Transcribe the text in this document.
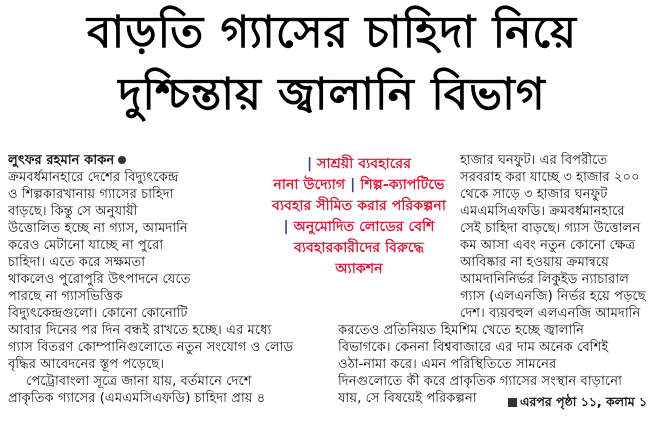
বাড়তি গ্যাসের চাহিদা নিয়ে
দুশ্চিন্তায় জ্বালানি বিভাগ
লুৎফর রহমান কাকন
ক্রমবর্ধমানহারে দেশের বিদ্যুৎকেন্দ্র
ও শিল্পকারখানায় গ্যাসের চাহিদা
বাড়ছে। কিন্তু সে অনুযায়ী
উত্তোলিত হচ্ছে না গ্যাস, আমদানি
করেও মেটানো যাচ্ছে না পুরো
চাহিদা। এতে করে সক্ষমতা
থাকলেও পুরোপুরি উৎপাদনে যেতে
পারছে না গ্যাসভিত্তিক
বিদ্যুৎকেন্দ্রগুলো। কোনো কোনোটি
আবার দিনের পর দিন বন্ধই রাখতে হচ্ছে। এর মধ্যে
গ্যাস বিতরণ কোম্পানিগুলোতে নতুন সংযোগ ও লোড
বৃদ্ধির আবেদনের স্তূপ পড়েছে।
পেট্রোবাংলা সূত্রে জানা যায়, বর্তমানে দেশে
প্রাকৃতিক গ্যাসের (এমএমসিএফডি) চাহিদা প্রায় ৪
| সাশ্রয়ী ব্যবহারের
নানা উদ্যোগ | শিল্প-ক্যাপটিভে
ব্যবহার সীমিত করার পরিকল্পনা
| অনুমোদিত লোডের বেশি
ব্যবহারকারীদের বিরুদ্ধে
অ্যাকশন
হাজার ঘনফুট। এর বিপরীতে
সরবরাহ করা যাচ্ছে ৩ হাজার ২০০
থেকে সাড়ে ৩ হাজার ঘনফুট
এমএমসিএফডি। ক্রমবর্ধমানহারে
সেই চাহিদা বাড়ছে। গ্যাস উত্তোলন
কম আসা এবং নতুন কোনো ক্ষেত্র
আবিষ্কার না হওয়ায় ক্রমান্বয়ে
আমদানিনির্ভর লিকুইড ন্যাচারাল
গ্যাস (এলএনজি) নির্ভর হয়ে পড়ছে
দেশ। ব্যয়বহুল এলএনজি আমদানি
করতেও প্রতিনিয়ত হিমশিম খেতে হচ্ছে জ্বালানি
বিভাগকে। কেননা বিশ্ববাজারে এর দাম অনেক বেশিই
ওঠা-নামা করে। এমন পরিস্থিতিতে সামনের
দিনগুলোতে কী করে প্রাকৃতিক গ্যাসের সংস্থান বাড়ানো
যায়, সে বিষয়েই পরিকল্পনা	এরপর পৃষ্ঠা ১১, কলাম ১
